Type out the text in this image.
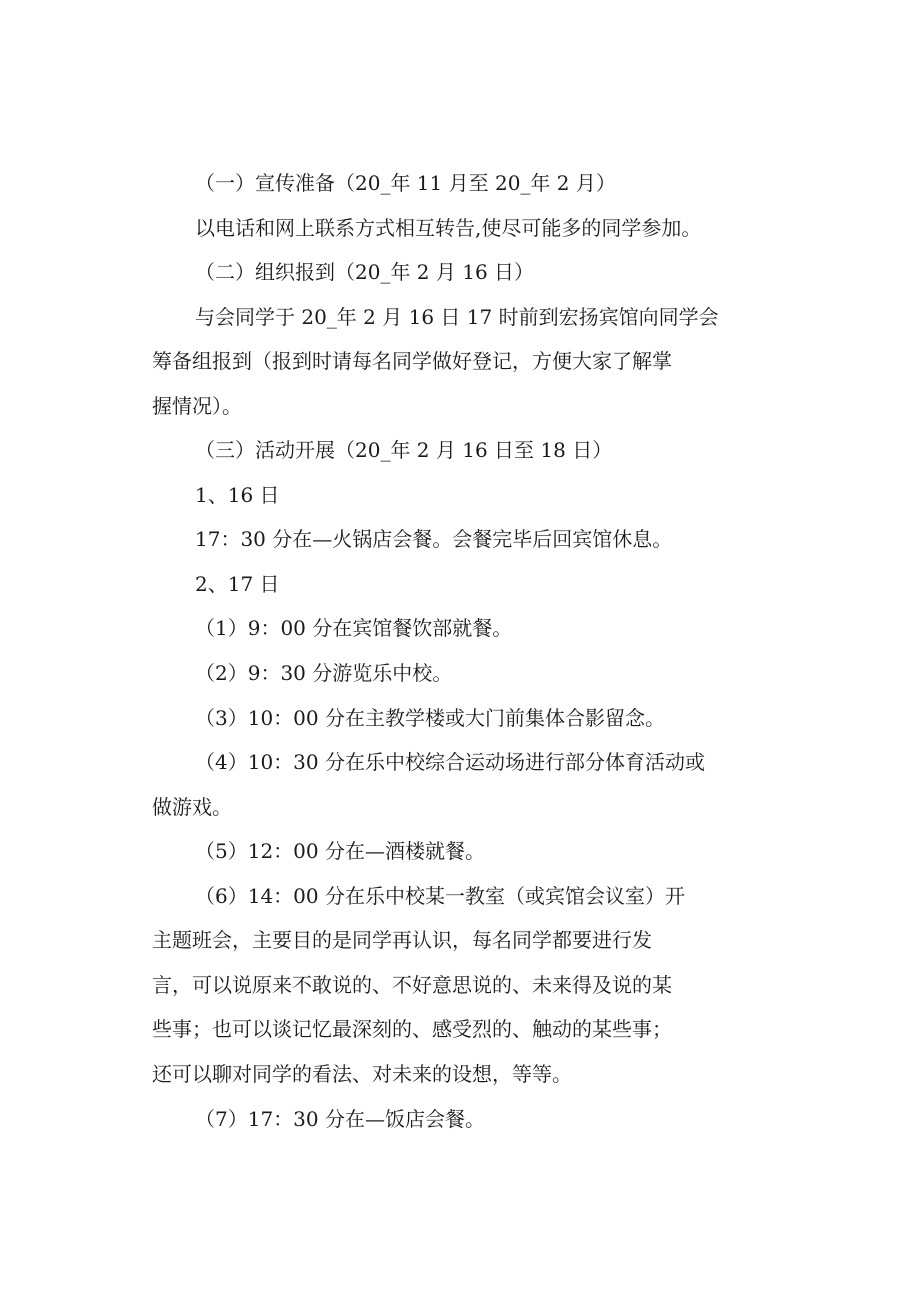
（一）宣传准备（20_年 11 月至 20_年 2 月）
以电话和网上联系方式相互转告,使尽可能多的同学参加。
（二）组织报到（20_年 2 月 16 日）
与会同学于 20_年 2 月 16 日 17 时前到宏扬宾馆向同学会
筹备组报到（报到时请每名同学做好登记，方便大家了解掌
握情况）。
（三）活动开展（20_年 2 月 16 日至 18 日）
1、16 日
17：30 分在—火锅店会餐。会餐完毕后回宾馆休息。
2、17 日
（1）9：00 分在宾馆餐饮部就餐。
（2）9：30 分游览乐中校。
（3）10：00 分在主教学楼或大门前集体合影留念。
（4）10：30 分在乐中校综合运动场进行部分体育活动或
做游戏。
（5）12：00 分在—酒楼就餐。
（6）14：00 分在乐中校某一教室（或宾馆会议室）开
主题班会，主要目的是同学再认识，每名同学都要进行发
言，可以说原来不敢说的、不好意思说的、未来得及说的某
些事；也可以谈记忆最深刻的、感受烈的、触动的某些事；
还可以聊对同学的看法、对未来的设想，等等。
（7）17：30 分在—饭店会餐。
